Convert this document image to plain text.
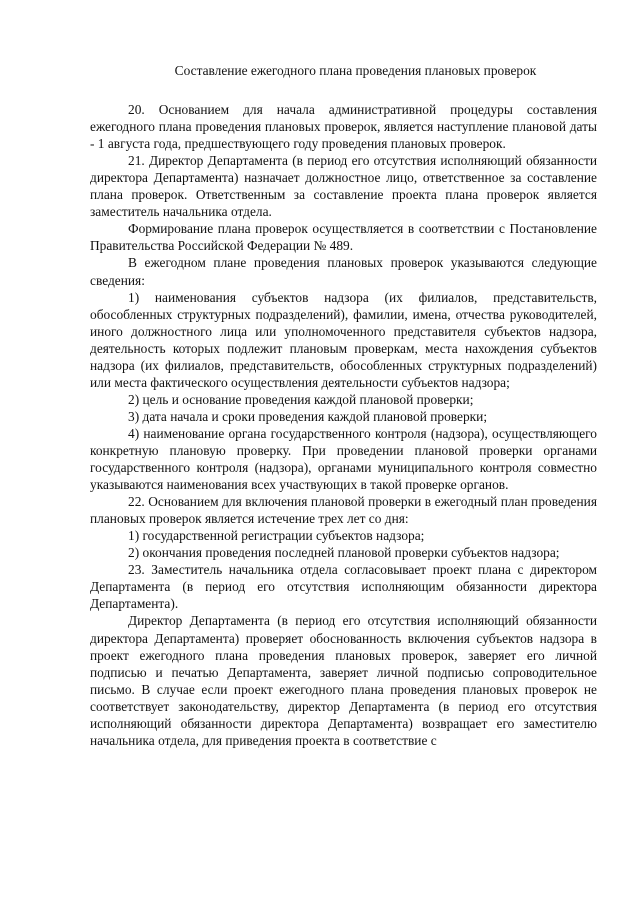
Составление ежегодного плана проведения плановых проверок

20. Основанием для начала административной процедуры составления ежегодного плана проведения плановых проверок, является наступление плановой даты - 1 августа года, предшествующего году проведения плановых проверок.

21. Директор Департамента (в период его отсутствия исполняющий обязанности директора Департамента) назначает должностное лицо, ответственное за составление плана проверок. Ответственным за составление проекта плана проверок является заместитель начальника отдела.

Формирование плана проверок осуществляется в соответствии с Постановление Правительства Российской Федерации № 489.

В ежегодном плане проведения плановых проверок указываются следующие сведения:

1) наименования субъектов надзора (их филиалов, представительств, обособленных структурных подразделений), фамилии, имена, отчества руководителей, иного должностного лица или уполномоченного представителя субъектов надзора, деятельность которых подлежит плановым проверкам, места нахождения субъектов надзора (их филиалов, представительств, обособленных структурных подразделений) или места фактического осуществления деятельности субъектов надзора;

2) цель и основание проведения каждой плановой проверки;

3) дата начала и сроки проведения каждой плановой проверки;

4) наименование органа государственного контроля (надзора), осуществляющего конкретную плановую проверку. При проведении плановой проверки органами государственного контроля (надзора), органами муниципального контроля совместно указываются наименования всех участвующих в такой проверке органов.

22. Основанием для включения плановой проверки в ежегодный план проведения плановых проверок является истечение трех лет со дня:

1) государственной регистрации субъектов надзора;

2) окончания проведения последней плановой проверки субъектов надзора;

23. Заместитель начальника отдела согласовывает проект плана с директором Департамента (в период его отсутствия исполняющим обязанности директора Департамента).

Директор Департамента (в период его отсутствия исполняющий обязанности директора Департамента) проверяет обоснованность включения субъектов надзора в проект ежегодного плана проведения плановых проверок, заверяет его личной подписью и печатью Департамента, заверяет личной подписью сопроводительное письмо. В случае если проект ежегодного плана проведения плановых проверок не соответствует законодательству, директор Департамента (в период его отсутствия исполняющий обязанности директора Департамента) возвращает его заместителю начальника отдела, для приведения проекта в соответствие с
